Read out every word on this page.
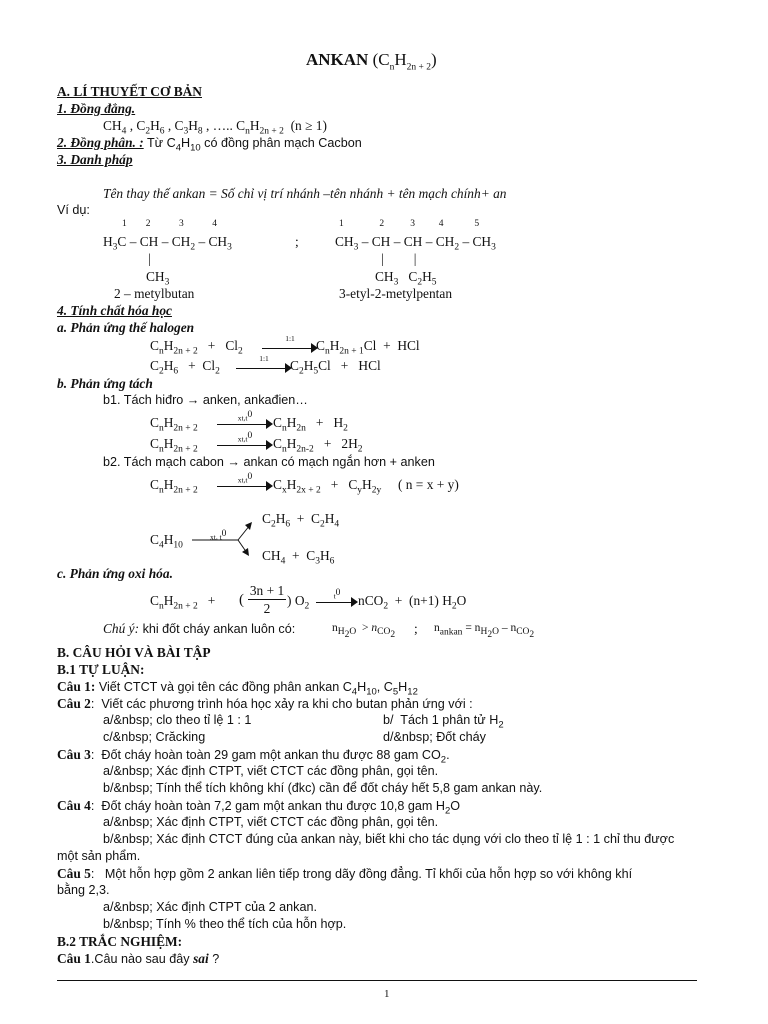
ANKAN $(C_nH_{2n + 2})$
A. LÍ THUYẾT CƠ BẢN
1. Đồng đẳng.
$CH_4$ , $C_2H_6$ , $C_3H_8$ , ….. $C_nH_{2n + 2}$  (n ≥ 1)
2. Đồng phân. : Từ $C_4H_{10}$ có đồng phân mạch Cacbon
3. Danh pháp
Tên thay thế ankan = Số chỉ vị trí nhánh –tên nhánh + tên mạch chính+ an
Ví dụ:
1        2            3            4
$H_3C$ – CH – $CH_2 - CH_3$
|
$CH_3$
2 – metylbutan
;
1               2           3          4             5
$CH_3$ – CH – CH – $CH_2 - CH_3$
|         |
$CH_3$   $C_2H_5$
3-etyl-2-metylpentan
4. Tính chất hóa học
a. Phản ứng thế halogen
$C_nH_{2n + 2} + Cl_2$
1:1	$C_nH_{2n + 1}Cl$  +  HCl
$C_2H_6 + Cl_2$
1:1	$C_2H_5Cl$   +   HCl
b. Phản ứng tách
b1. Tách hiđro → anken, ankađien…
$C_nH_{2n + 2}$
$xt,t^0$	$C_nH_{2n} + H_2$
$C_nH_{2n + 2}$
$xt,t^0$	$C_nH_{2n-2} + 2H_2$
b2. Tách mạch cabon → ankan có mạch ngắn hơn + anken
$C_nH_{2n + 2}$
$xt,t^0$	$C_xH_{2x + 2} + C_yH_{2y}$     ( n = x + y)
$C_2H_6 + C_2H_4$
$C_4H_{10}$
xt, $t^0$
$CH_4 + C_3H_6$
c. Phản ứng oxi hóa.
$C_nH_{2n + 2}$   + ( $\frac{3n + 1}{2}$ ) $O_2$
$t^0$	nCO$_2$  +  (n+1) $H_2O$
Chú ý: khi đốt cháy ankan luôn có:	$n_{H_2O} > n_{CO_2}$ ; $n_{ankan} = n_{H_2O} - n_{CO_2}$
B. CÂU HỎI VÀ BÀI TẬP
B.1 TỰ LUẬN:
Câu 1: Viết CTCT và gọi tên các đồng phân ankan $C_4H_{10}$, $C_5H_{12}$
Câu 2:  Viết các phương trình hóa học xảy ra khi cho butan phản ứng với :
a/&nbsp; clo theo tỉ lệ 1 : 1	b/  Tách 1 phân tử $H_2$
c/&nbsp; Crăcking	d/&nbsp; Đốt cháy
Câu 3:  Đốt cháy hoàn toàn 29 gam một ankan thu được 88 gam $CO_2$.
a/&nbsp; Xác định CTPT, viết CTCT các đồng phân, gọi tên.
b/&nbsp; Tính thể tích không khí (đkc) cần để đốt cháy hết 5,8 gam ankan này.
Câu 4:  Đốt cháy hoàn toàn 7,2 gam một ankan thu được 10,8 gam $H_2O$
a/&nbsp; Xác định CTPT, viết CTCT các đồng phân, gọi tên.
b/&nbsp; Xác định CTCT đúng của ankan này, biết khi cho tác dụng với clo theo tỉ lệ 1 : 1 chỉ thu được
một sản phẩm.
Câu 5:   Một hỗn hợp gồm 2 ankan liên tiếp trong dãy đồng đẳng. Tỉ khối của hỗn hợp so với không khí
bằng 2,3.
a/&nbsp; Xác định CTPT của 2 ankan.
b/&nbsp; Tính % theo thể tích của hỗn hợp.
B.2 TRẮC NGHIỆM:
Câu 1.Câu nào sau đây sai ?
1
